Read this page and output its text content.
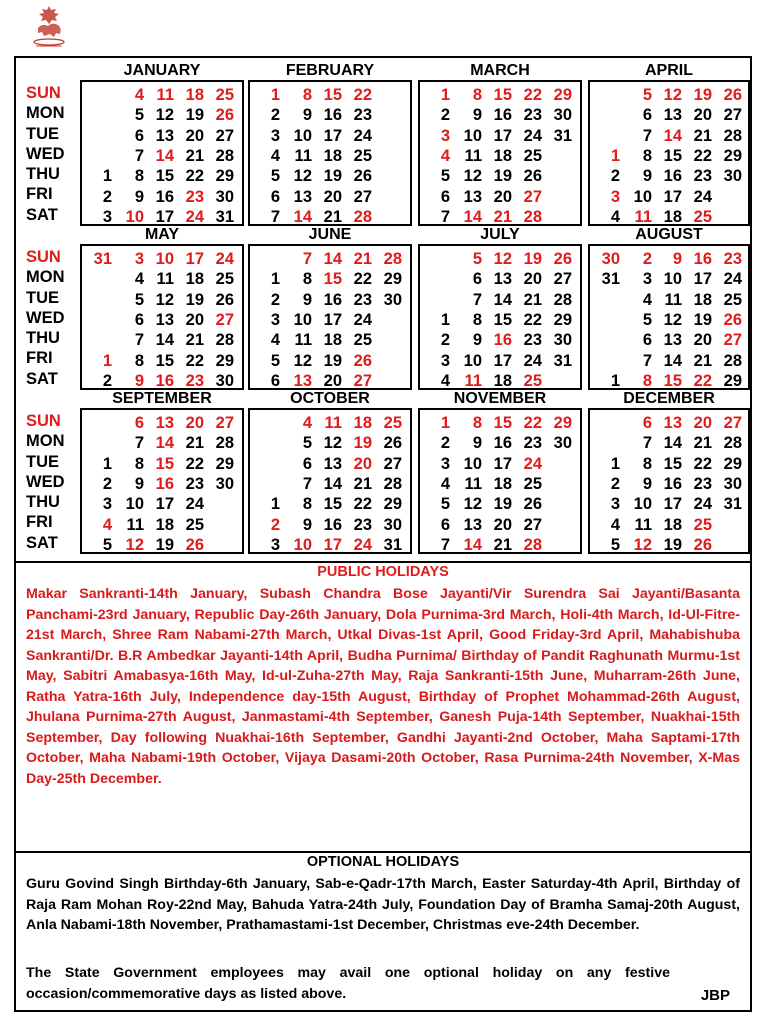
SUN
MON
TUE
WED
THU
FRI
SAT
JANUARY
1
2
3
4
5
6
7
8
9
10
11
12
13
14
15
16
17
18
19
20
21
22
23
24
25
26
27
28
29
30
31
FEBRUARY
1
2
3
4
5
6
7
8
9
10
11
12
13
14
15
16
17
18
19
20
21
22
23
24
25
26
27
28
MARCH
1
2
3
4
5
6
7
8
9
10
11
12
13
14
15
16
17
18
19
20
21
22
23
24
25
26
27
28
29
30
31
APRIL
1
2
3
4
5
6
7
8
9
10
11
12
13
14
15
16
17
18
19
20
21
22
23
24
25
26
27
28
29
30
SUN
MON
TUE
WED
THU
FRI
SAT
MAY
31
1
2
3
4
5
6
7
8
9
10
11
12
13
14
15
16
17
18
19
20
21
22
23
24
25
26
27
28
29
30
JUNE
1
2
3
4
5
6
7
8
9
10
11
12
13
14
15
16
17
18
19
20
21
22
23
24
25
26
27
28
29
30
JULY
1
2
3
4
5
6
7
8
9
10
11
12
13
14
15
16
17
18
19
20
21
22
23
24
25
26
27
28
29
30
31
AUGUST
30
31
1
2
3
4
5
6
7
8
9
10
11
12
13
14
15
16
17
18
19
20
21
22
23
24
25
26
27
28
29
SUN
MON
TUE
WED
THU
FRI
SAT
SEPTEMBER
1
2
3
4
5
6
7
8
9
10
11
12
13
14
15
16
17
18
19
20
21
22
23
24
25
26
27
28
29
30
OCTOBER
1
2
3
4
5
6
7
8
9
10
11
12
13
14
15
16
17
18
19
20
21
22
23
24
25
26
27
28
29
30
31
NOVEMBER
1
2
3
4
5
6
7
8
9
10
11
12
13
14
15
16
17
18
19
20
21
22
23
24
25
26
27
28
29
30
DECEMBER
1
2
3
4
5
6
7
8
9
10
11
12
13
14
15
16
17
18
19
20
21
22
23
24
25
26
27
28
29
30
31
PUBLIC HOLIDAYS
Makar Sankranti-14th January, Subash Chandra Bose Jayanti/Vir Surendra Sai Jayanti/Basanta Panchami-23rd January, Republic Day-26th January, Dola Purnima-3rd March, Holi-4th March, Id-Ul-Fitre-21st March, Shree Ram Nabami-27th March, Utkal Divas-1st April, Good Friday-3rd April, Mahabishuba Sankranti/Dr. B.R Ambedkar Jayanti-14th April, Budha Purnima/ Birthday of Pandit Raghunath Murmu-1st May, Sabitri Amabasya-16th May, Id-ul-Zuha-27th May, Raja Sankranti-15th June, Muharram-26th June, Ratha Yatra-16th July, Independence day-15th August, Birthday of Prophet Mohammad-26th August, Jhulana Purnima-27th August, Janmastami-4th September, Ganesh Puja-14th September, Nuakhai-15th September, Day following Nuakhai-16th September, Gandhi Jayanti-2nd October, Maha Saptami-17th October, Maha Nabami-19th October, Vijaya Dasami-20th October, Rasa Purnima-24th November, X-Mas Day-25th December.
OPTIONAL HOLIDAYS
Guru Govind Singh Birthday-6th January, Sab-e-Qadr-17th March, Easter Saturday-4th April, Birthday of Raja Ram Mohan Roy-22nd May, Bahuda Yatra-24th July, Foundation Day of Bramha Samaj-20th August, Anla Nabami-18th November, Prathamastami-1st December, Christmas eve-24th December.
The State Government employees may avail one optional holiday on any festive occasion/commemorative days as listed above.	JBP
